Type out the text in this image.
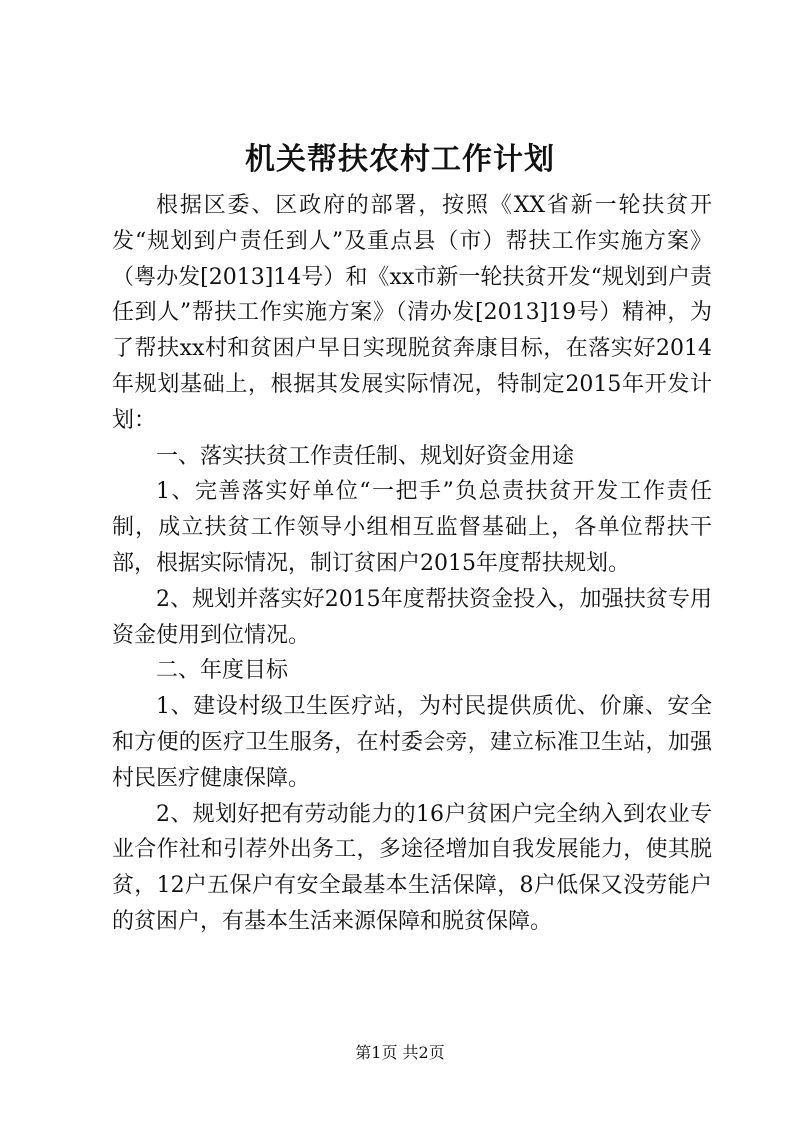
机关帮扶农村工作计划

根据区委、区政府的部署，按照《XX省新一轮扶贫开发“规划到户责任到人”及重点县（市）帮扶工作实施方案》（粤办发[2013]14号）和《xx市新一轮扶贫开发“规划到户责任到人”帮扶工作实施方案》（清办发[2013]19号）精神，为了帮扶xx村和贫困户早日实现脱贫奔康目标，在落实好2014年规划基础上，根据其发展实际情况，特制定2015年开发计划：

一、落实扶贫工作责任制、规划好资金用途

1、完善落实好单位“一把手”负总责扶贫开发工作责任制，成立扶贫工作领导小组相互监督基础上，各单位帮扶干部，根据实际情况，制订贫困户2015年度帮扶规划。

2、规划并落实好2015年度帮扶资金投入，加强扶贫专用资金使用到位情况。

二、年度目标

1、建设村级卫生医疗站，为村民提供质优、价廉、安全和方便的医疗卫生服务，在村委会旁，建立标准卫生站，加强村民医疗健康保障。

2、规划好把有劳动能力的16户贫困户完全纳入到农业专业合作社和引荐外出务工，多途径增加自我发展能力，使其脱贫，12户五保户有安全最基本生活保障，8户低保又没劳能户的贫困户，有基本生活来源保障和脱贫保障。

第1页 共2页
